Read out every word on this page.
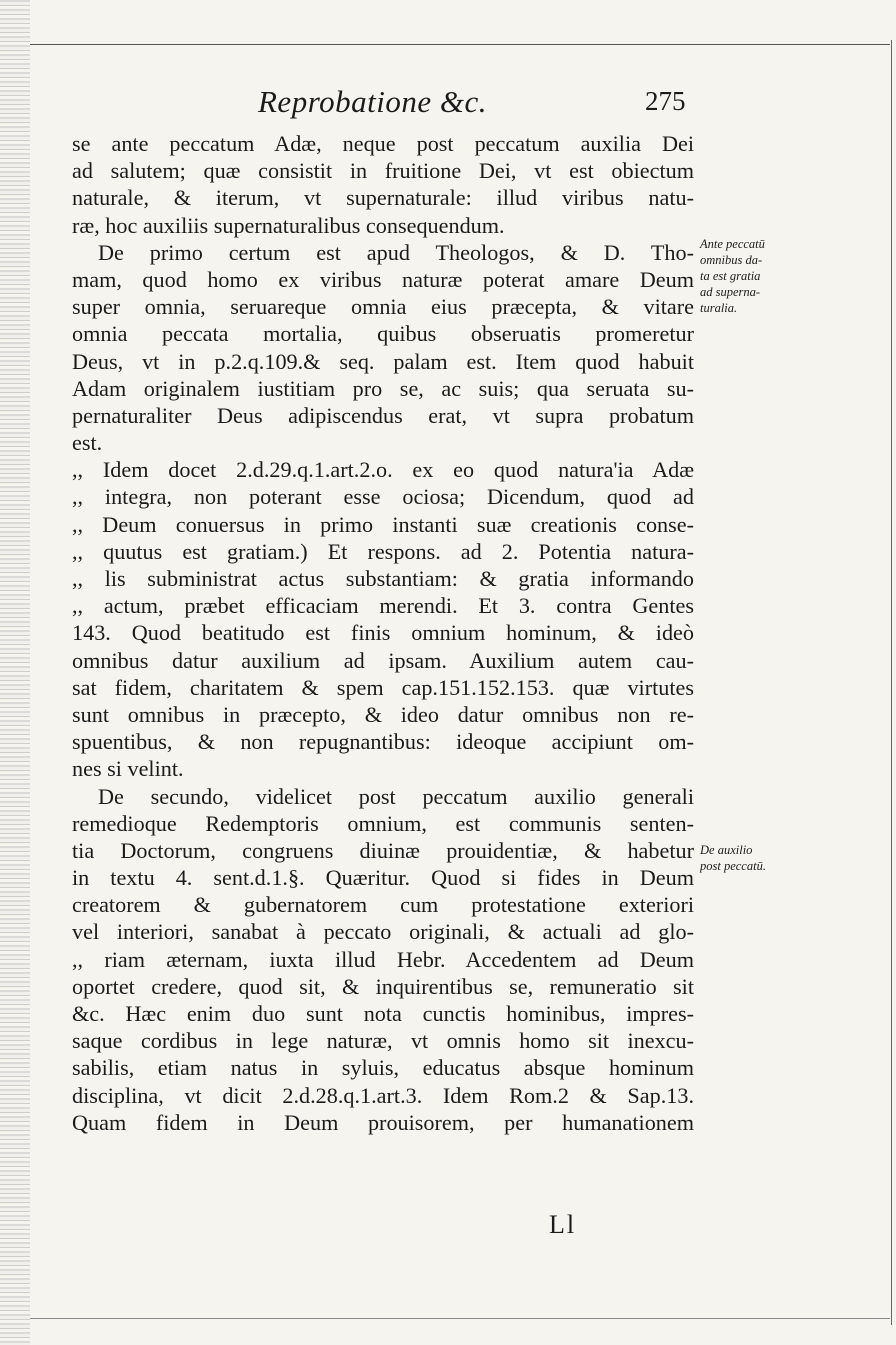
Reprobatione &c.	275
se ante peccatum Adæ, neque post peccatum auxilia Dei
ad salutem; quæ consistit in fruitione Dei, vt est obiectum
naturale, & iterum, vt supernaturale: illud viribus natu-
ræ, hoc auxiliis supernaturalibus consequendum.
De primo certum est apud Theologos, & D. Tho-
mam, quod homo ex viribus naturæ poterat amare Deum
super omnia, seruareque omnia eius præcepta, & vitare
omnia peccata mortalia, quibus obseruatis promeretur
Deus, vt in p.2.q.109.& seq. palam est. Item quod habuit
Adam originalem iustitiam pro se, ac suis; qua seruata su-
pernaturaliter Deus adipiscendus erat, vt supra probatum
est.
,, Idem docet 2.d.29.q.1.art.2.o. ex eo quod natura'ia Adæ
,, integra, non poterant esse ociosa; Dicendum, quod ad
,, Deum conuersus in primo instanti suæ creationis conse-
,, quutus est gratiam.) Et respons. ad 2. Potentia natura-
,, lis subministrat actus substantiam: & gratia informando
,, actum, præbet efficaciam merendi. Et 3. contra Gentes
143. Quod beatitudo est finis omnium hominum, & ideò
omnibus datur auxilium ad ipsam. Auxilium autem cau-
sat fidem, charitatem & spem cap.151.152.153. quæ virtutes
sunt omnibus in præcepto, & ideo datur omnibus non re-
spuentibus, & non repugnantibus: ideoque accipiunt om-
nes si velint.
De secundo, videlicet post peccatum auxilio generali
remedioque Redemptoris omnium, est communis senten-
tia Doctorum, congruens diuinæ prouidentiæ, & habetur
in textu 4. sent.d.1.§. Quæritur. Quod si fides in Deum
creatorem & gubernatorem cum protestatione exteriori
vel interiori, sanabat à peccato originali, & actuali ad glo-
,, riam æternam, iuxta illud Hebr. Accedentem ad Deum
oportet credere, quod sit, & inquirentibus se, remuneratio sit
&c. Hæc enim duo sunt nota cunctis hominibus, impres-
saque cordibus in lege naturæ, vt omnis homo sit inexcu-
sabilis, etiam natus in syluis, educatus absque hominum
disciplina, vt dicit 2.d.28.q.1.art.3. Idem Rom.2 & Sap.13.
Quam fidem in Deum prouisorem, per humanationem
Ante peccatū
omnibus da-
ta est gratia
ad superna-
turalia.
De auxilio
post peccatū.
Ll
